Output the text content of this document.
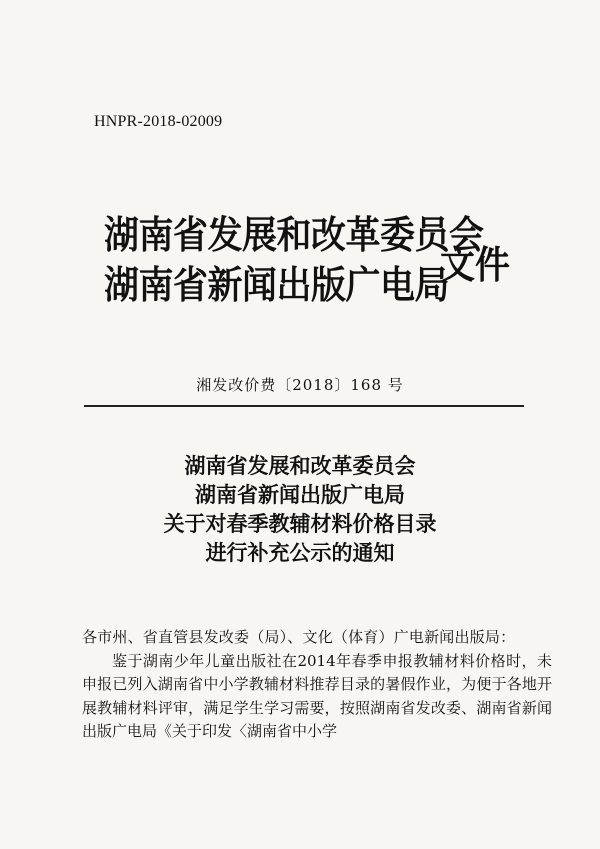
HNPR-2018-02009
湖南省发展和改革委员会
湖南省新闻出版广电局
文件
湘发改价费〔2018〕168 号

湖南省发展和改革委员会

湖南省新闻出版广电局

关于对春季教辅材料价格目录

进行补充公示的通知

各市州、省直管县发改委（局）、文化（体育）广电新闻出版局：

鉴于湖南少年儿童出版社在2014年春季申报教辅材料价格时，未申报已列入湖南省中小学教辅材料推荐目录的暑假作业，为便于各地开展教辅材料评审，满足学生学习需要，按照湖南省发改委、湖南省新闻出版广电局《关于印发〈湖南省中小学
